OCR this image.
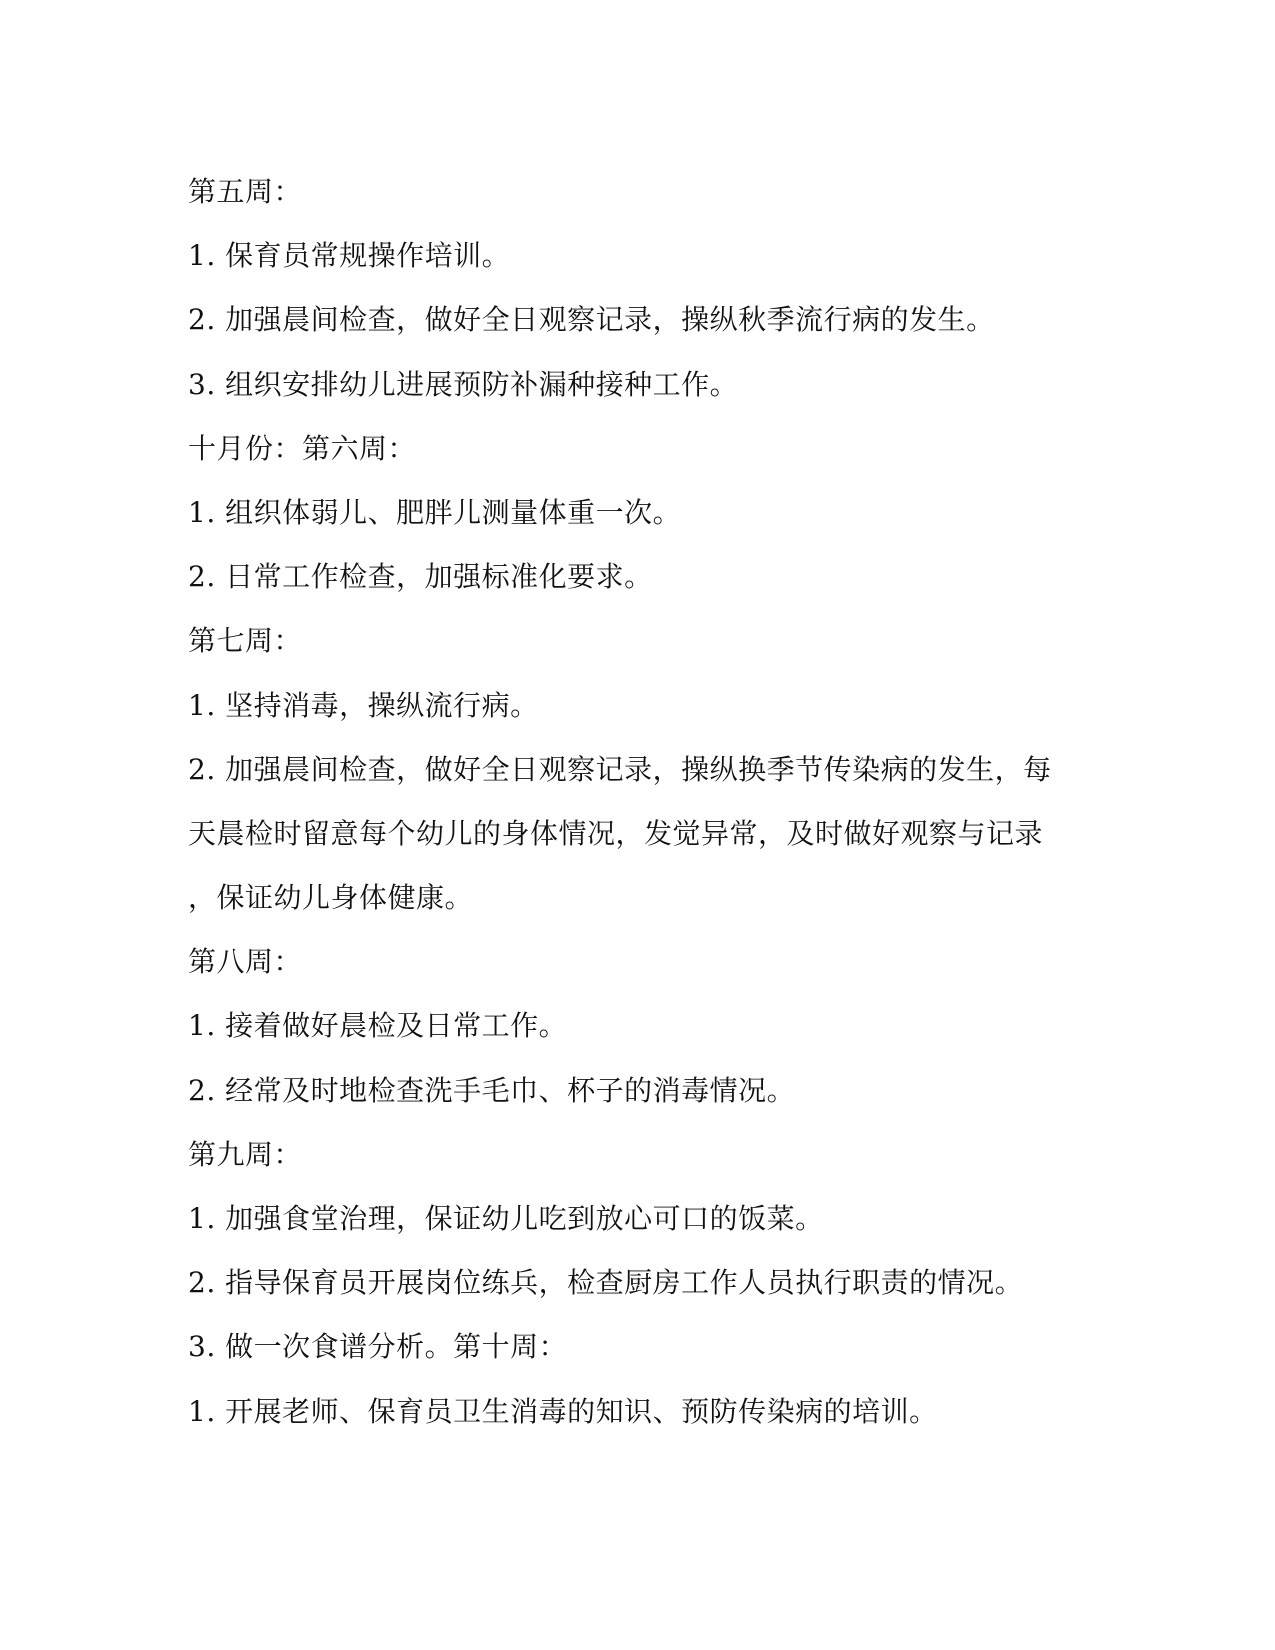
第五周：
1. 保育员常规操作培训。
2. 加强晨间检查，做好全日观察记录，操纵秋季流行病的发生。
3. 组织安排幼儿进展预防补漏种接种工作。
十月份：第六周：
1. 组织体弱儿、肥胖儿测量体重一次。
2. 日常工作检查，加强标准化要求。
第七周：
1. 坚持消毒，操纵流行病。
2. 加强晨间检查，做好全日观察记录，操纵换季节传染病的发生，每
天晨检时留意每个幼儿的身体情况，发觉异常，及时做好观察与记录
，保证幼儿身体健康。
第八周：
1. 接着做好晨检及日常工作。
2. 经常及时地检查洗手毛巾、杯子的消毒情况。
第九周：
1. 加强食堂治理，保证幼儿吃到放心可口的饭菜。
2. 指导保育员开展岗位练兵，检查厨房工作人员执行职责的情况。
3. 做一次食谱分析。第十周：
1. 开展老师、保育员卫生消毒的知识、预防传染病的培训。
